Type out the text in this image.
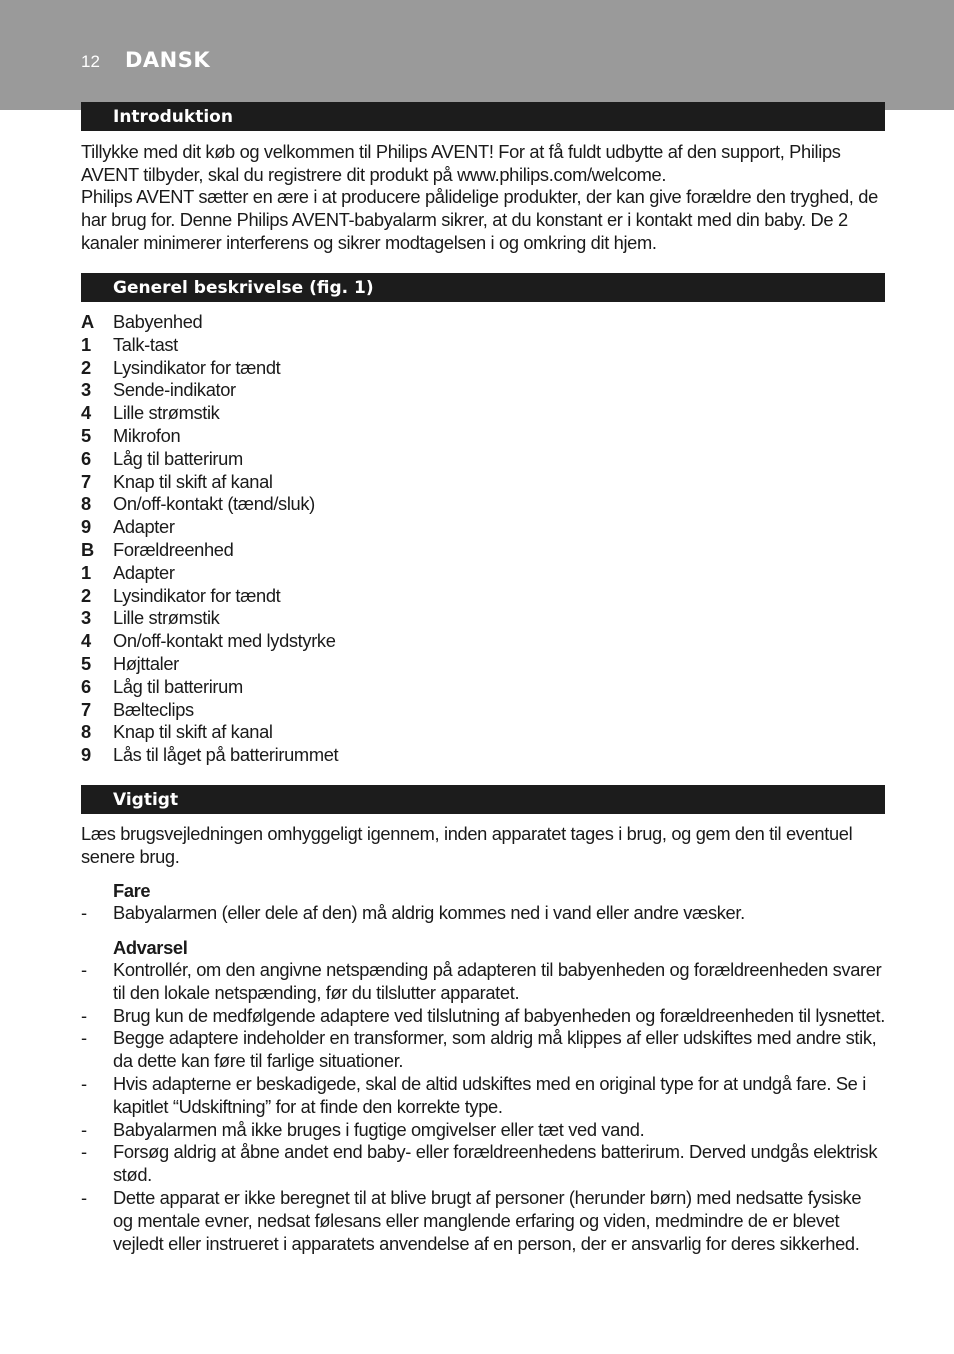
12 DANSK
Introduktion
Tillykke med dit køb og velkommen til Philips AVENT! For at få fuldt udbytte af den support, Philips AVENT tilbyder, skal du registrere dit produkt på www.philips.com/welcome.
Philips AVENT sætter en ære i at producere pålidelige produkter, der kan give forældre den tryghed, de har brug for. Denne Philips AVENT-babyalarm sikrer, at du konstant er i kontakt med din baby. De 2 kanaler minimerer interferens og sikrer modtagelsen i og omkring dit hjem.
Generel beskrivelse (fig. 1)
A	Babyenhed
1	Talk-tast
2	Lysindikator for tændt
3	Sende-indikator
4	Lille strømstik
5	Mikrofon
6	Låg til batterirum
7	Knap til skift af kanal
8	On/off-kontakt (tænd/sluk)
9	Adapter
B	Forældreenhed
1	Adapter
2	Lysindikator for tændt
3	Lille strømstik
4	On/off-kontakt med lydstyrke
5	Højttaler
6	Låg til batterirum
7	Bælteclips
8	Knap til skift af kanal
9	Lås til låget på batterirummet
Vigtigt
Læs brugsvejledningen omhyggeligt igennem, inden apparatet tages i brug, og gem den til eventuel senere brug.
Fare
- Babyalarmen (eller dele af den) må aldrig kommes ned i vand eller andre væsker.
Advarsel
- Kontrollér, om den angivne netspænding på adapteren til babyenheden og forældreenheden svarer til den lokale netspænding, før du tilslutter apparatet.
- Brug kun de medfølgende adaptere ved tilslutning af babyenheden og forældreenheden til lysnettet.
- Begge adaptere indeholder en transformer, som aldrig må klippes af eller udskiftes med andre stik, da dette kan føre til farlige situationer.
- Hvis adapterne er beskadigede, skal de altid udskiftes med en original type for at undgå fare. Se i kapitlet “Udskiftning” for at finde den korrekte type.
- Babyalarmen må ikke bruges i fugtige omgivelser eller tæt ved vand.
- Forsøg aldrig at åbne andet end baby- eller forældreenhedens batterirum. Derved undgås elektrisk stød.
- Dette apparat er ikke beregnet til at blive brugt af personer (herunder børn) med nedsatte fysiske og mentale evner, nedsat følesans eller manglende erfaring og viden, medmindre de er blevet vejledt eller instrueret i apparatets anvendelse af en person, der er ansvarlig for deres sikkerhed.
